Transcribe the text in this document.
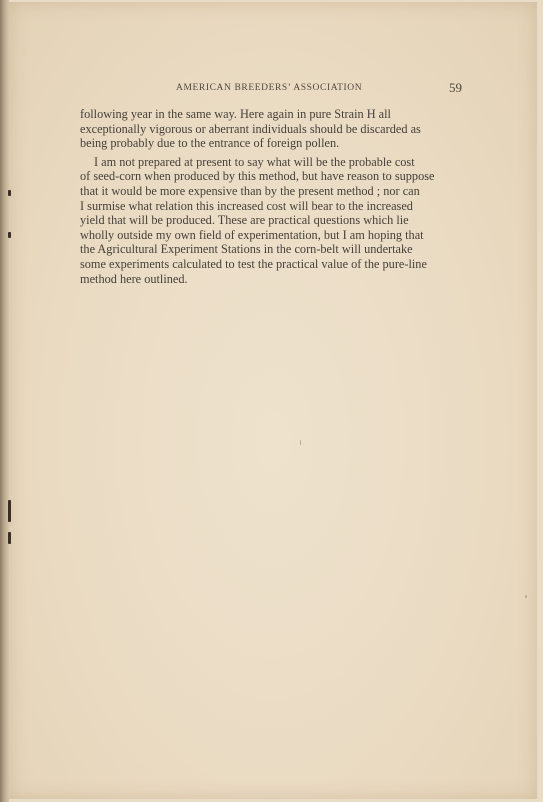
AMERICAN BREEDERS’ ASSOCIATION	59

following year in the same way. Here again in pure Strain H all
exceptionally vigorous or aberrant individuals should be discarded as
being probably due to the entrance of foreign pollen.

I am not prepared at present to say what will be the probable cost
of seed-corn when produced by this method, but have reason to suppose
that it would be more expensive than by the present method ; nor can
I surmise what relation this increased cost will bear to the increased
yield that will be produced. These are practical questions which lie
wholly outside my own field of experimentation, but I am hoping that
the Agricultural Experiment Stations in the corn-belt will undertake
some experiments calculated to test the practical value of the pure-line
method here outlined.
